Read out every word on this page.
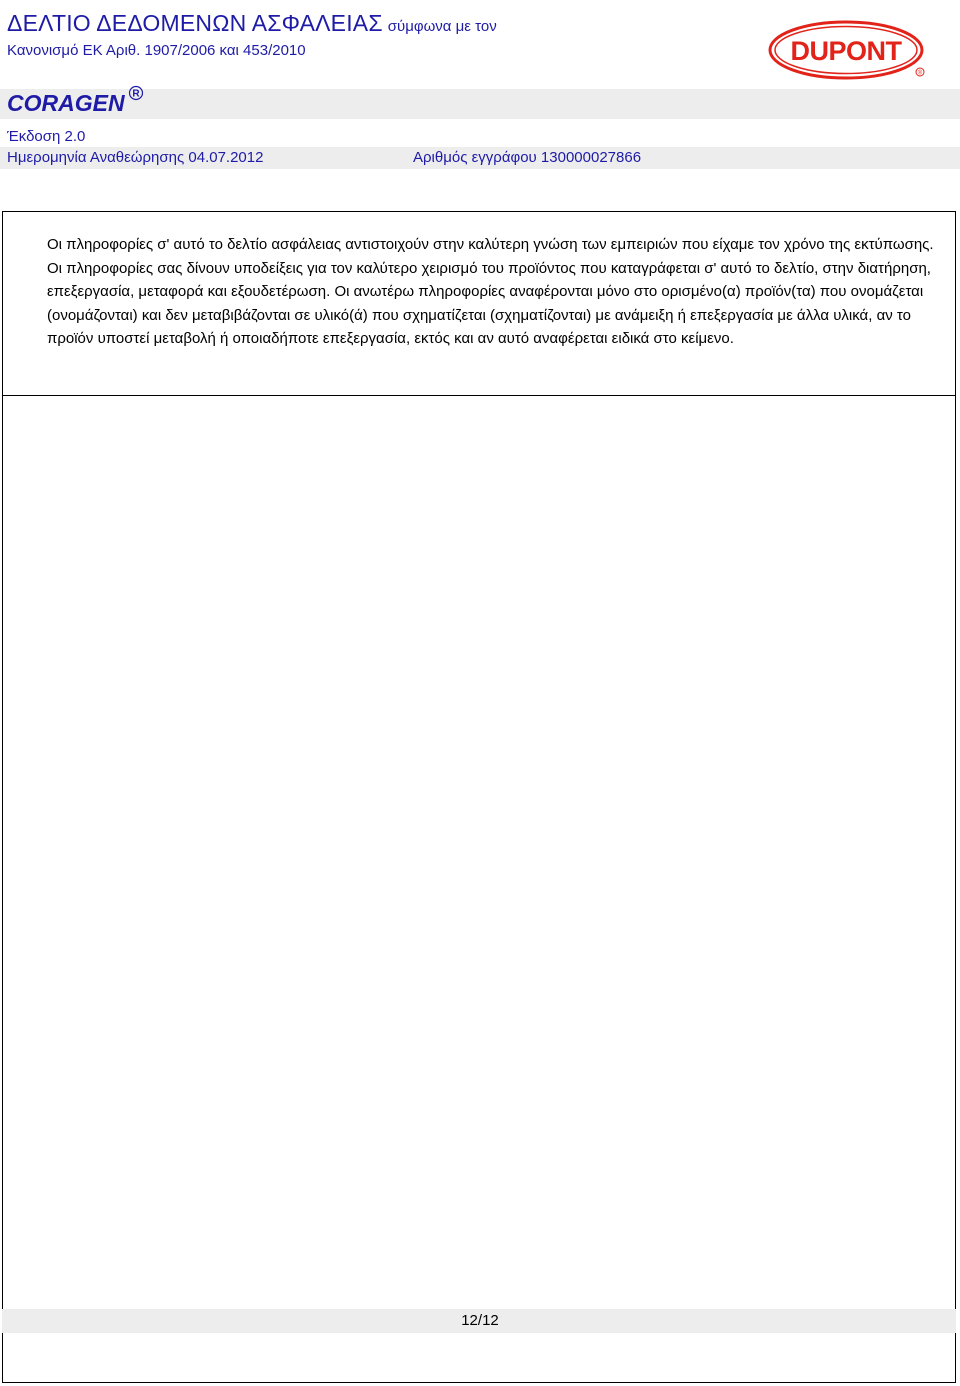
ΔΕΛΤΙΟ ΔΕΔΟΜΕΝΩΝ ΑΣΦΑΛΕΙΑΣ σύμφωνα με τον
Κανονισμό ΕΚ Αριθ. 1907/2006 και 453/2010	DUPONT
®
CORAGEN R
Έκδοση 2.0
Ημερομηνία Αναθεώρησης 04.07.2012	Αριθμός εγγράφου 130000027866
Οι πληροφορίες σ' αυτό το δελτίο ασφάλειας αντιστοιχούν στην καλύτερη γνώση των εμπειριών που είχαμε τον χρόνο της εκτύπωσης. Οι πληροφορίες σας δίνουν υποδείξεις για τον καλύτερο χειρισμό του προϊόντος που καταγράφεται σ' αυτό το δελτίο, στην διατήρηση, επεξεργασία, μεταφορά και εξουδετέρωση. Οι ανωτέρω πληροφορίες αναφέρονται μόνο στο ορισμένο(α) προϊόν(τα) που ονομάζεται (ονομάζονται) και δεν μεταβιβάζονται σε υλικό(ά) που σχηματίζεται (σχηματίζονται) με ανάμειξη ή επεξεργασία με άλλα υλικά, αν το προϊόν υποστεί μεταβολή ή οποιαδήποτε επεξεργασία, εκτός και αν αυτό αναφέρεται ειδικά στο κείμενο.
12/12
